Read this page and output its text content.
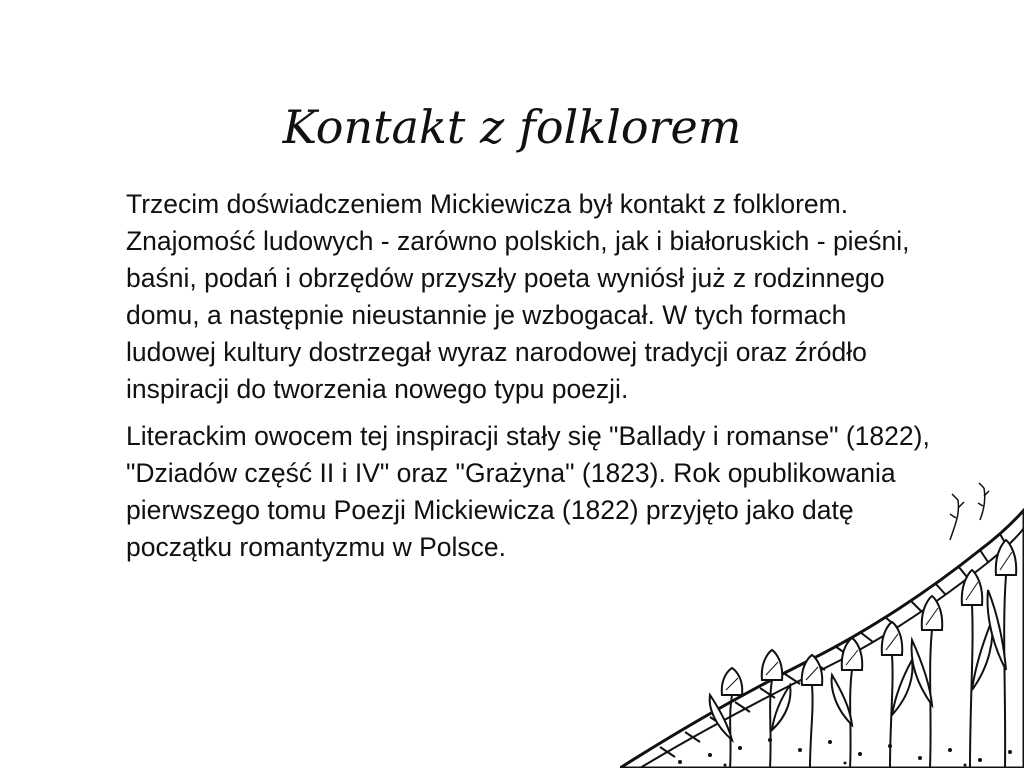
Kontakt z folklorem

Trzecim doświadczeniem Mickiewicza był kontakt z folklorem. Znajomość ludowych - zarówno polskich, jak i białoruskich - pieśni, baśni, podań i obrzędów przyszły poeta wyniósł już z rodzinnego domu, a następnie nieustannie je wzbogacał. W tych formach ludowej kultury dostrzegał wyraz narodowej tradycji oraz źródło inspiracji do tworzenia nowego typu poezji.

Literackim owocem tej inspiracji stały się "Ballady i romanse" (1822), "Dziadów część II i IV" oraz "Grażyna" (1823). Rok opublikowania pierwszego tomu Poezji Mickiewicza (1822) przyjęto jako datę początku romantyzmu w Polsce.
